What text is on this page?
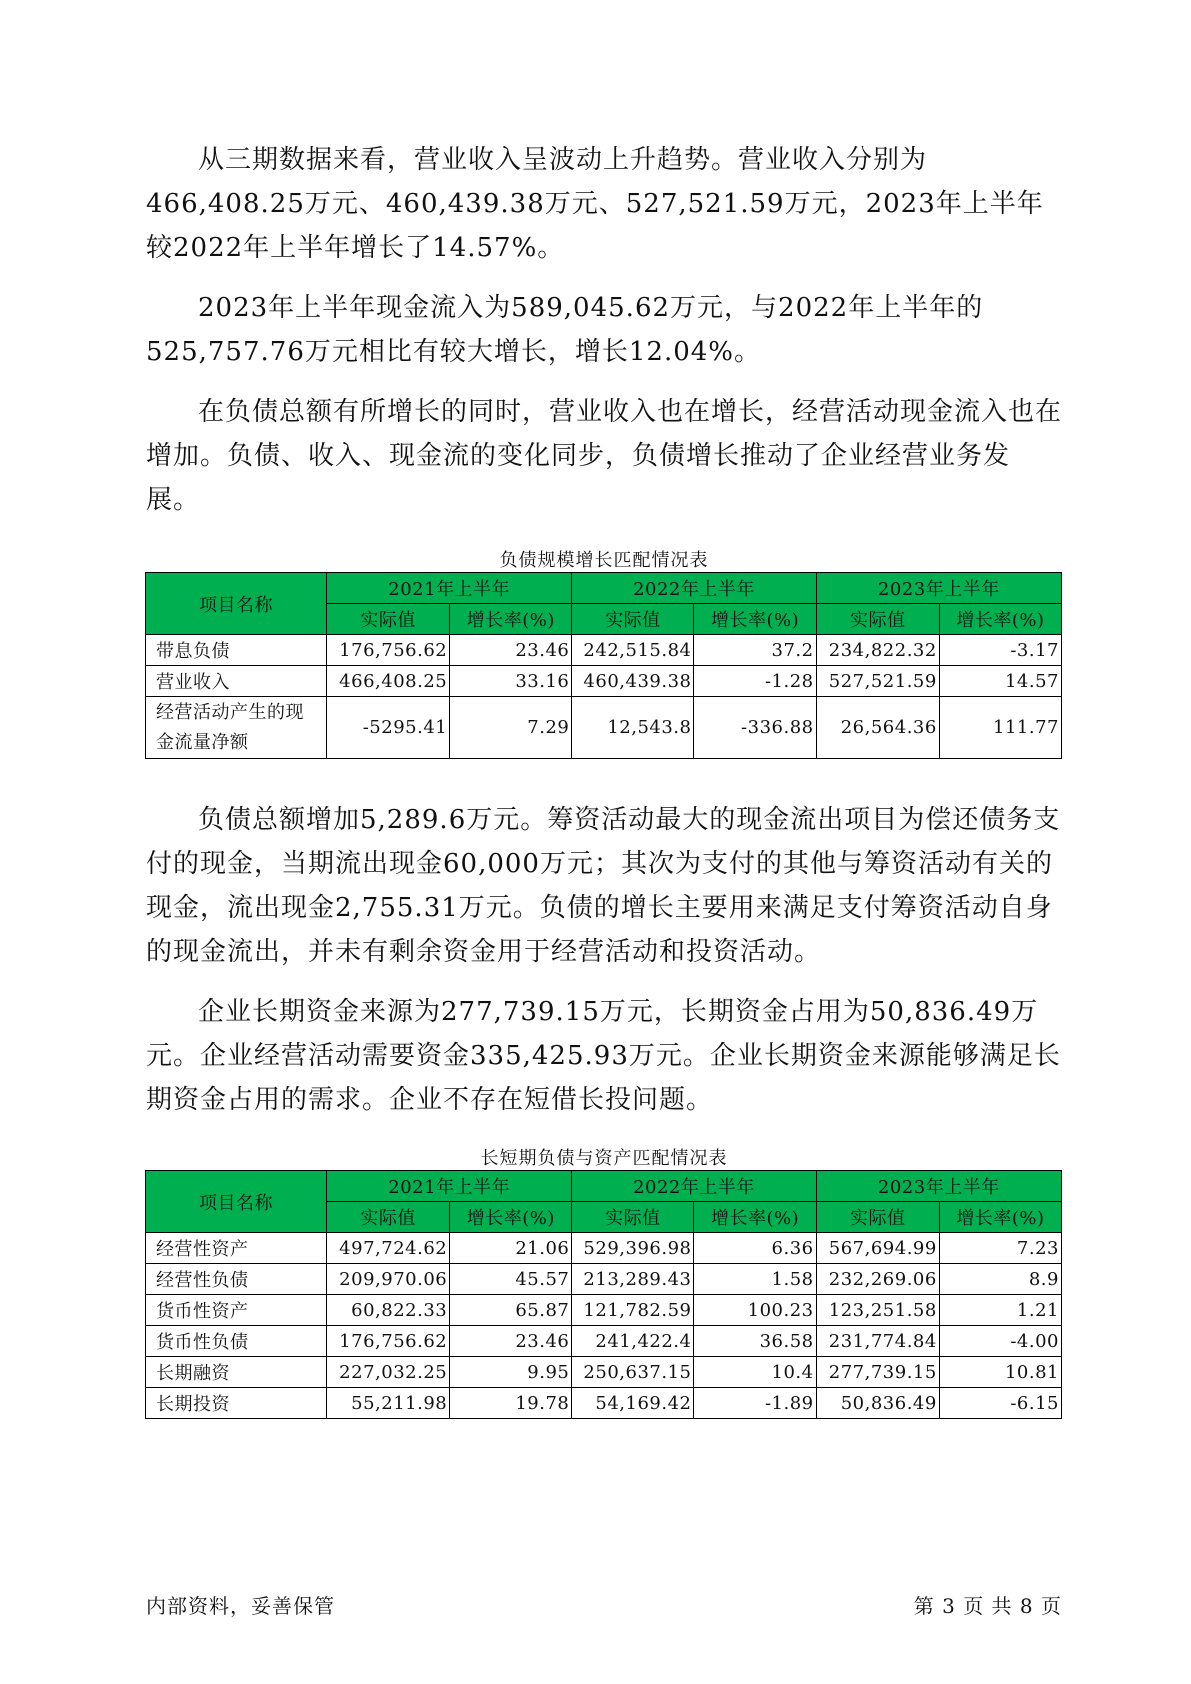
从三期数据来看，营业收入呈波动上升趋势。营业收入分别为466,408.25万元、460,439.38万元、527,521.59万元，2023年上半年较2022年上半年增长了14.57%。

2023年上半年现金流入为589,045.62万元，与2022年上半年的525,757.76万元相比有较大增长，增长12.04%。

在负债总额有所增长的同时，营业收入也在增长，经营活动现金流入也在增加。负债、收入、现金流的变化同步，负债增长推动了企业经营业务发展。

负债规模增长匹配情况表
项目名称	2021年上半年		2022年上半年		2023年上半年	
	实际值	增长率(%)	实际值	增长率(%)	实际值	增长率(%)
带息负债	176,756.62	23.46	242,515.84	37.2	234,822.32	-3.17
营业收入	466,408.25	33.16	460,439.38	-1.28	527,521.59	14.57
经营活动产生的现金流量净额	-5295.41	7.29	12,543.8	-336.88	26,564.36	111.77

负债总额增加5,289.6万元。筹资活动最大的现金流出项目为偿还债务支付的现金，当期流出现金60,000万元；其次为支付的其他与筹资活动有关的现金，流出现金2,755.31万元。负债的增长主要用来满足支付筹资活动自身的现金流出，并未有剩余资金用于经营活动和投资活动。

企业长期资金来源为277,739.15万元，长期资金占用为50,836.49万元。企业经营活动需要资金335,425.93万元。企业长期资金来源能够满足长期资金占用的需求。企业不存在短借长投问题。

长短期负债与资产匹配情况表
项目名称	2021年上半年		2022年上半年		2023年上半年	
	实际值	增长率(%)	实际值	增长率(%)	实际值	增长率(%)
经营性资产	497,724.62	21.06	529,396.98	6.36	567,694.99	7.23
经营性负债	209,970.06	45.57	213,289.43	1.58	232,269.06	8.9
货币性资产	60,822.33	65.87	121,782.59	100.23	123,251.58	1.21
货币性负债	176,756.62	23.46	241,422.4	36.58	231,774.84	-4.00
长期融资	227,032.25	9.95	250,637.15	10.4	277,739.15	10.81
长期投资	55,211.98	19.78	54,169.42	-1.89	50,836.49	-6.15
内部资料，妥善保管	第 3 页 共 8 页
